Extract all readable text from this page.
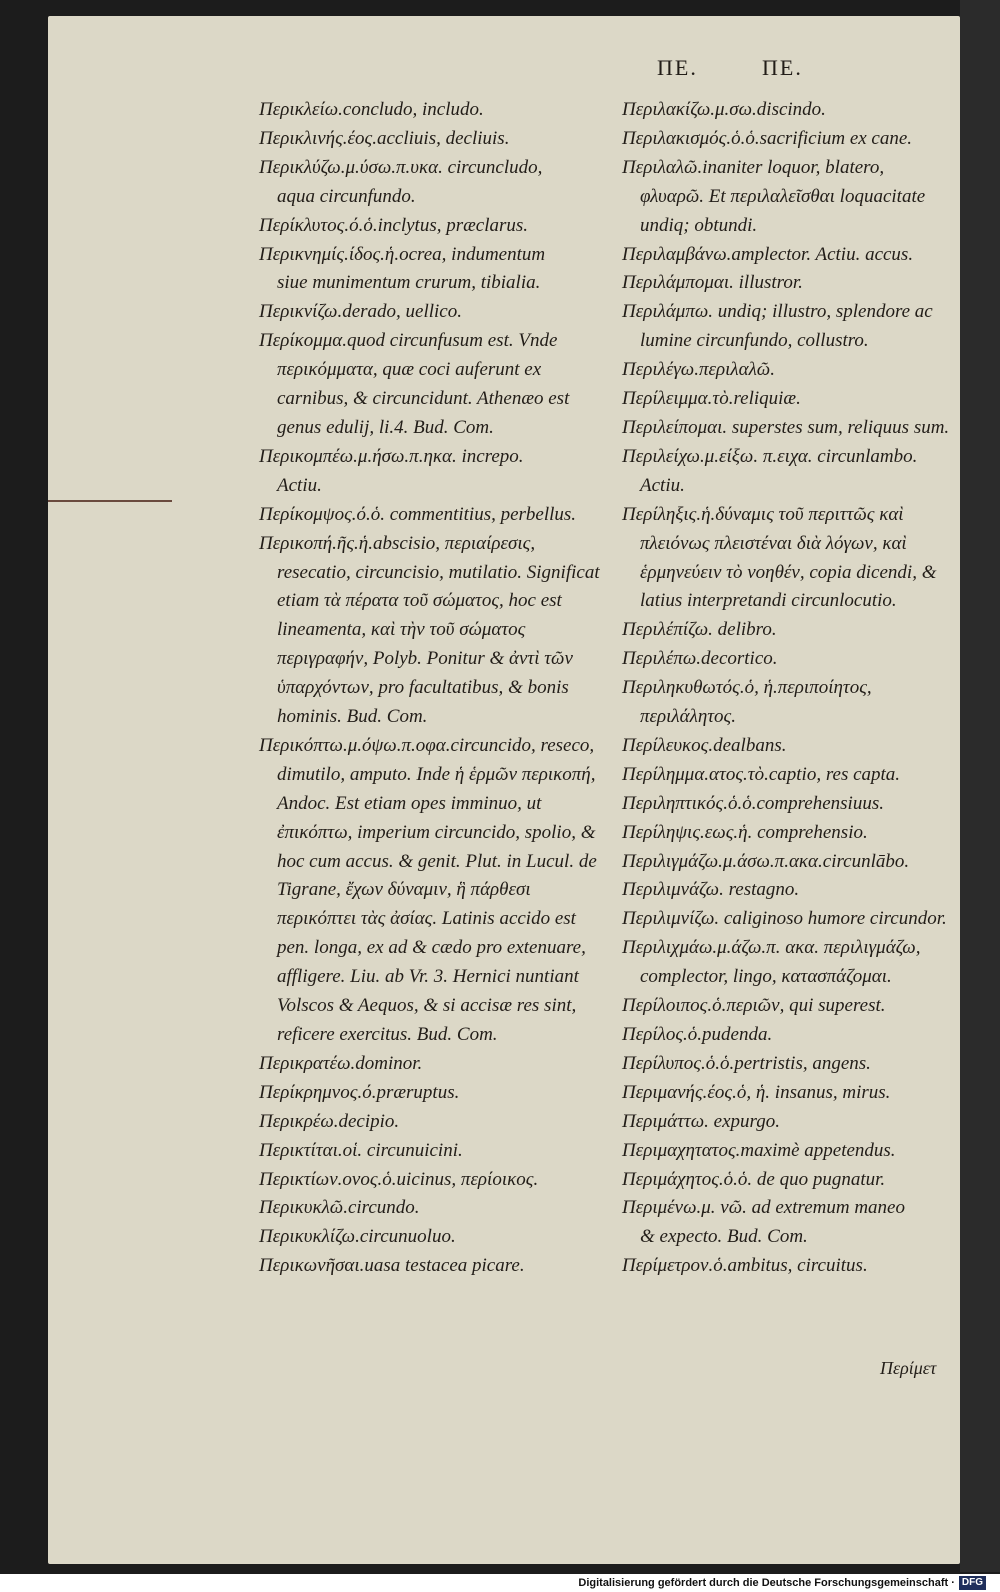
ΠΕ.
Περικλείω.concludo, includo.
Περικλινής.έος.accliuis, decliuis.
Περικλύζω.μ.ύσω.π.υκα. circuncludo,
aqua circunfundo.
Περίκλυτος.ό.ὁ.inclytus, præclarus.
Περικνημίς.ίδος.ἡ.ocrea, indumentum
siue munimentum crurum, tibialia.
Περικνίζω.derado, uellico.
Περίκομμα.quod circunfusum est. Vnde περικόμματα, quæ coci auferunt ex carnibus, & circuncidunt. Athenæo est genus edulij, li.4. Bud. Com.
Περικομπέω.μ.ήσω.π.ηκα. increpo.
Actiu.
Περίκομψος.ό.ὁ. commentitius, perbellus.
Περικοπή.ῆς.ἡ.abscisio, περιαίρεσις, resecatio, circuncisio, mutilatio. Significat etiam τὰ πέρατα τοῦ σώματος, hoc est lineamenta, καὶ τὴν τοῦ σώματος περιγραφήν, Polyb. Ponitur & ἀντὶ τῶν ὑπαρχόντων, pro facultatibus, & bonis hominis. Bud. Com.
Περικόπτω.μ.όψω.π.οφα.circuncido, reseco, dimutilo, amputo. Inde ἡ ἑρμῶν περικοπή, Andoc. Est etiam opes imminuo, ut ἐπικόπτω, imperium circuncido, spolio, & hoc cum accus. & genit. Plut. in Lucul. de Tigrane, ἔχων δύναμιν, ἣ πάρθεσι περικόπτει τὰς ἀσίας. Latinis accido est pen. longa, ex ad & cædo pro extenuare, affligere. Liu. ab Vr. 3. Hernici nuntiant Volscos & Aequos, & si accisæ res sint, reficere exercitus. Bud. Com.
Περικρατέω.dominor.
Περίκρημνος.ό.præruptus.
Περικρέω.decipio.
Περικτίται.οἱ. circunuicini.
Περικτίων.ονος.ὁ.uicinus, περίοικος.
Περικυκλῶ.circundo.
Περικυκλίζω.circunuoluo.
Περικωνῆσαι.uasa testacea picare.
ΠΕ.
Περιλακίζω.μ.σω.discindo.
Περιλακισμός.ὁ.ὁ.sacrificium ex cane.
Περιλαλῶ.inaniter loquor, blatero, φλυαρῶ. Et περιλαλεῖσθαι loquacitate undiq; obtundi.
Περιλαμβάνω.amplector. Actiu. accus.
Περιλάμπομαι. illustror.
Περιλάμπω. undiq; illustro, splendore ac lumine circunfundo, collustro.
Περιλέγω.περιλαλῶ.
Περίλειμμα.τὸ.reliquiæ.
Περιλείπομαι. superstes sum, reliquus sum.
Περιλείχω.μ.είξω. π.ειχα. circunlambo.
Actiu.
Περίληξις.ἡ.δύναμις τοῦ περιττῶς καὶ πλειόνως πλειστέναι διὰ λόγων, καὶ ἑρμηνεύειν τὸ νοηθέν, copia dicendi, & latius interpretandi circunlocutio.
Περιλέπίζω. delibro.
Περιλέπω.decortico.
Περιληκυθωτός.ὁ, ἡ.περιποίητος, περιλάλητος.
Περίλευκος.dealbans.
Περίλημμα.ατος.τὸ.captio, res capta.
Περιληπτικός.ὁ.ὁ.comprehensiuus.
Περίληψις.εως.ἡ. comprehensio.
Περιλιγμάζω.μ.άσω.π.ακα.circunlābo.
Περιλιμνάζω. restagno.
Περιλιμνίζω. caliginoso humore circundor.
Περιλιχμάω.μ.άζω.π. ακα. περιλιγμάζω,
complector, lingo, κατασπάζομαι.
Περίλοιπος.ὁ.περιῶν, qui superest.
Περίλος.ὁ.pudenda.
Περίλυπος.ὁ.ὁ.pertristis, angens.
Περιμανής.έος.ὁ, ἡ. insanus, mirus.
Περιμάττω. expurgo.
Περιμαχητατος.maximè appetendus.
Περιμάχητος.ὁ.ὁ. de quo pugnatur.
Περιμένω.μ. νῶ. ad extremum maneo
& expecto. Bud. Com.
Περίμετρον.ὁ.ambitus, circuitus.
Περίμετ
Digitalisierung gefördert durch die Deutsche Forschungsgemeinschaft · DFG
